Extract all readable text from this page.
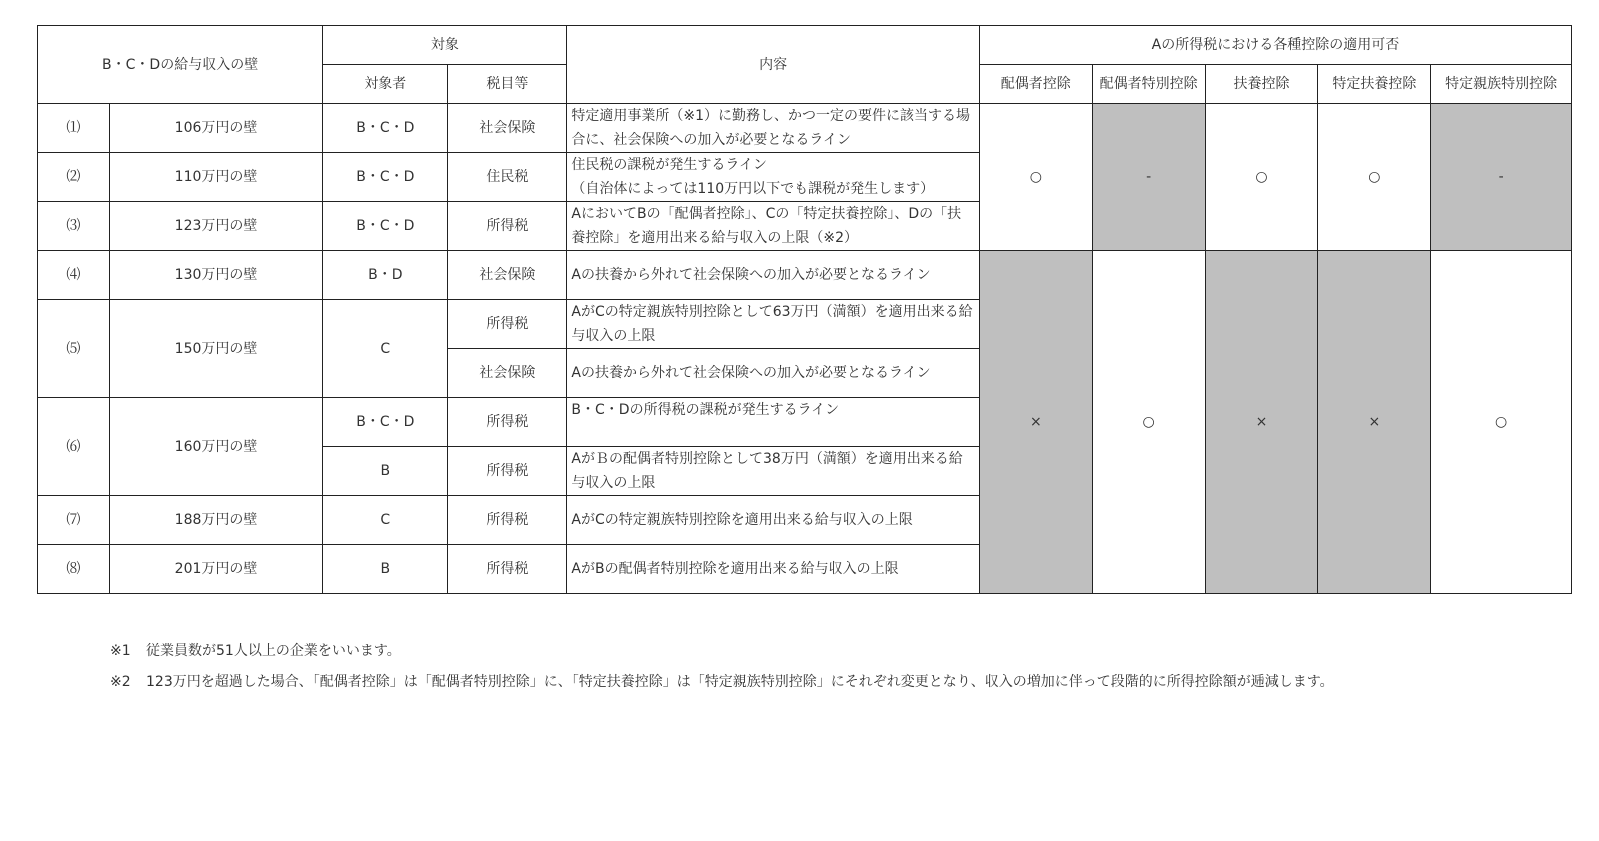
B・C・Dの給与収入の壁		対象		内容	Aの所得税における各種控除の適用可否				
		対象者	税目等		配偶者控除	配偶者特別控除	扶養控除	特定扶養控除	特定親族特別控除
⑴	106万円の壁	B・C・D	社会保険	特定適用事業所（※1）に勤務し、かつ一定の要件に該当する場合に、社会保険への加入が必要となるライン	○	-	○	○	-
⑵	110万円の壁	B・C・D	住民税	住民税の課税が発生するライン
（自治体によっては110万円以下でも課税が発生します）					

⑶	123万円の壁	B・C・D	所得税	AにおいてBの「配偶者控除」、Cの「特定扶養控除」、Dの「扶養控除」を適用出来る給与収入の上限（※2）					
⑷	130万円の壁	B・D	社会保険	Aの扶養から外れて社会保険への加入が必要となるライン	×	○	×	×	○
⑸	150万円の壁	C	所得税	AがCの特定親族特別控除として63万円（満額）を適用出来る給与収入の上限					
			社会保険	Aの扶養から外れて社会保険への加入が必要となるライン					
⑹	160万円の壁	B・C・D	所得税	B・C・Dの所得税の課税が発生するライン					
		B	所得税	AがＢの配偶者特別控除として38万円（満額）を適用出来る給与収入の上限					
⑺	188万円の壁	C	所得税	AがCの特定親族特別控除を適用出来る給与収入の上限					
⑻	201万円の壁	B	所得税	AがBの配偶者特別控除を適用出来る給与収入の上限					
※1 従業員数が51人以上の企業をいいます。
※2 123万円を超過した場合、「配偶者控除」は「配偶者特別控除」に、「特定扶養控除」は「特定親族特別控除」にそれぞれ変更となり、収入の増加に伴って段階的に所得控除額が逓減します。
